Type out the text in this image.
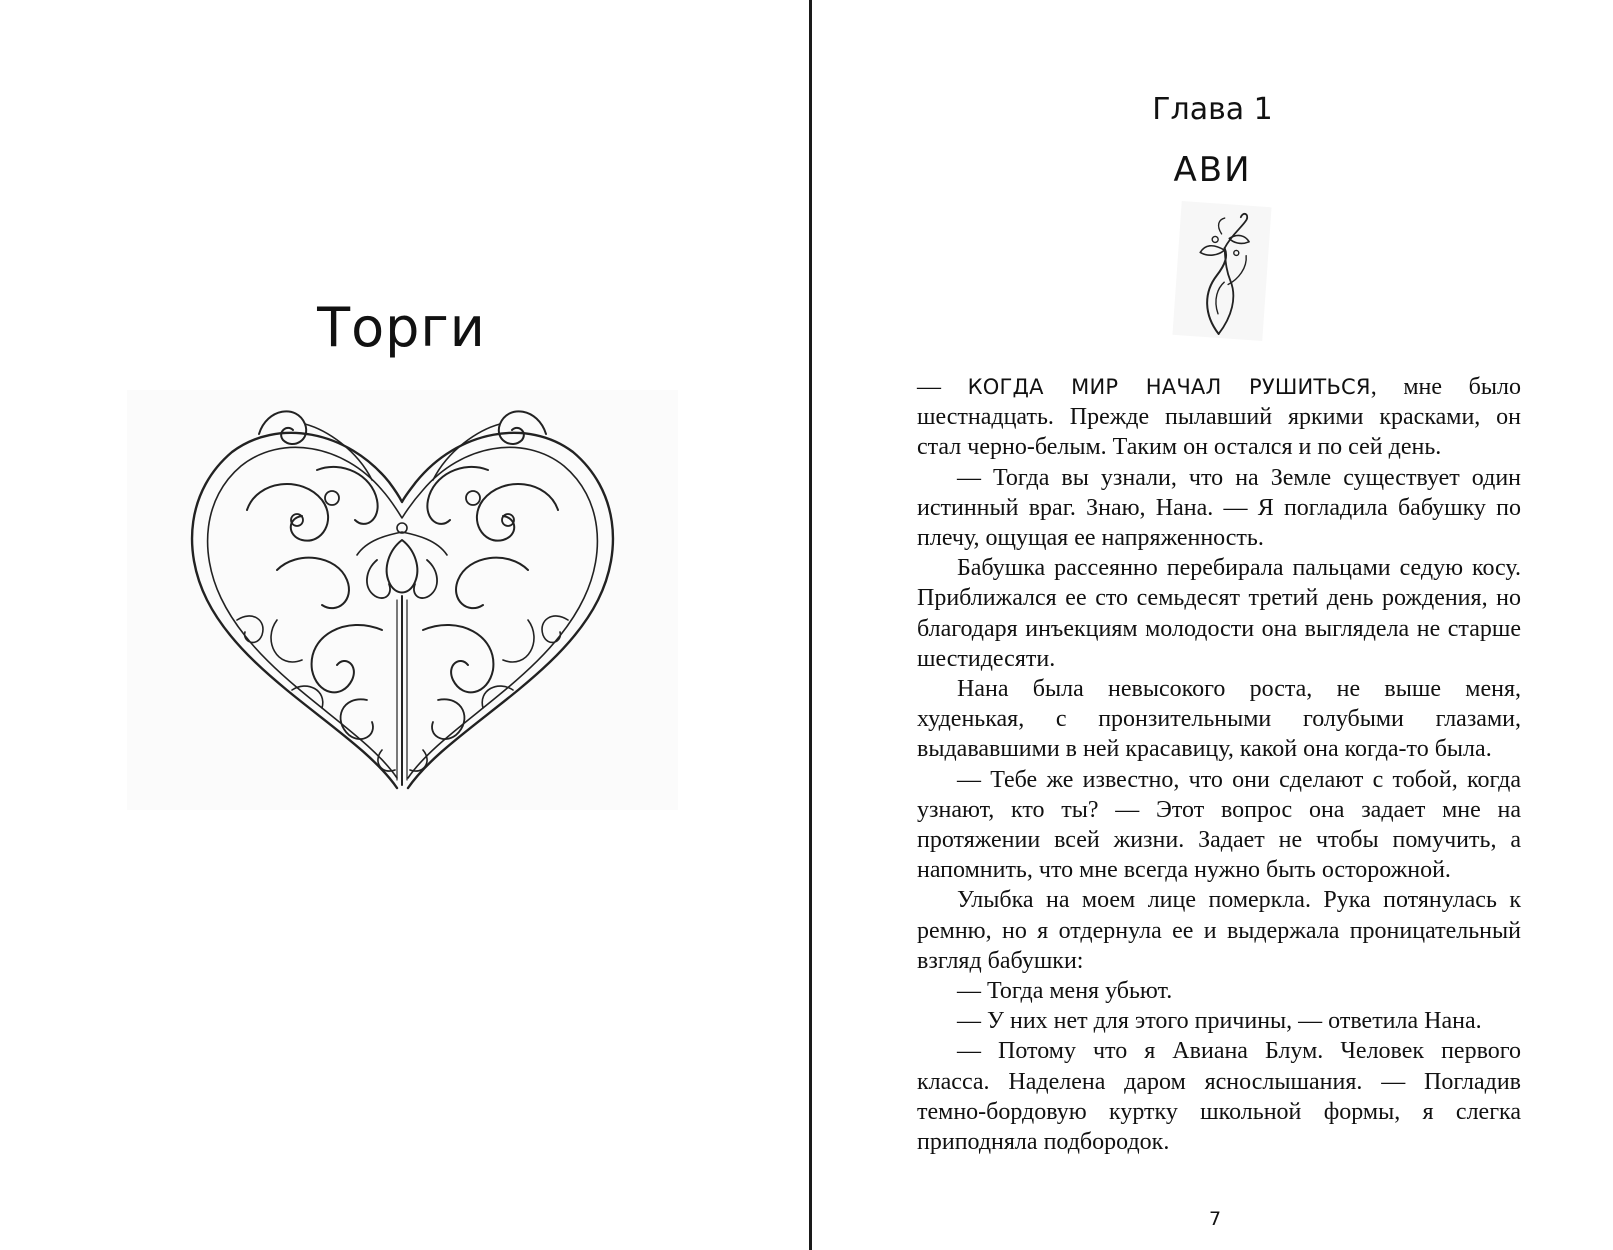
Торги
Глава 1
АВИ

— КОГДА МИР НАЧАЛ РУШИТЬСЯ, мне было шестнадцать. Прежде пылавший яркими красками, он стал черно-белым. Таким он остался и по сей день.

— Тогда вы узнали, что на Земле существует один истинный враг. Знаю, Нана. — Я погладила бабушку по плечу, ощущая ее напряженность.

Бабушка рассеянно перебирала пальцами седую косу. Приближался ее сто семьдесят третий день рождения, но благодаря инъекциям молодости она выглядела не старше шестидесяти.

Нана была невысокого роста, не выше меня, худенькая, с пронзительными голубыми глазами, выдававшими в ней красавицу, какой она когда-то была.

— Тебе же известно, что они сделают с тобой, когда узнают, кто ты? — Этот вопрос она задает мне на протяжении всей жизни. Задает не чтобы помучить, а напомнить, что мне всегда нужно быть осторожной.

Улыбка на моем лице померкла. Рука потянулась к ремню, но я отдернула ее и выдержала проницательный взгляд бабушки:

— Тогда меня убьют.

— У них нет для этого причины, — ответила Нана.

— Потому что я Авиана Блум. Человек первого класса. Наделена даром яснослышания. — Погладив темно-бордовую куртку школьной формы, я слегка приподняла подбородок.

7
